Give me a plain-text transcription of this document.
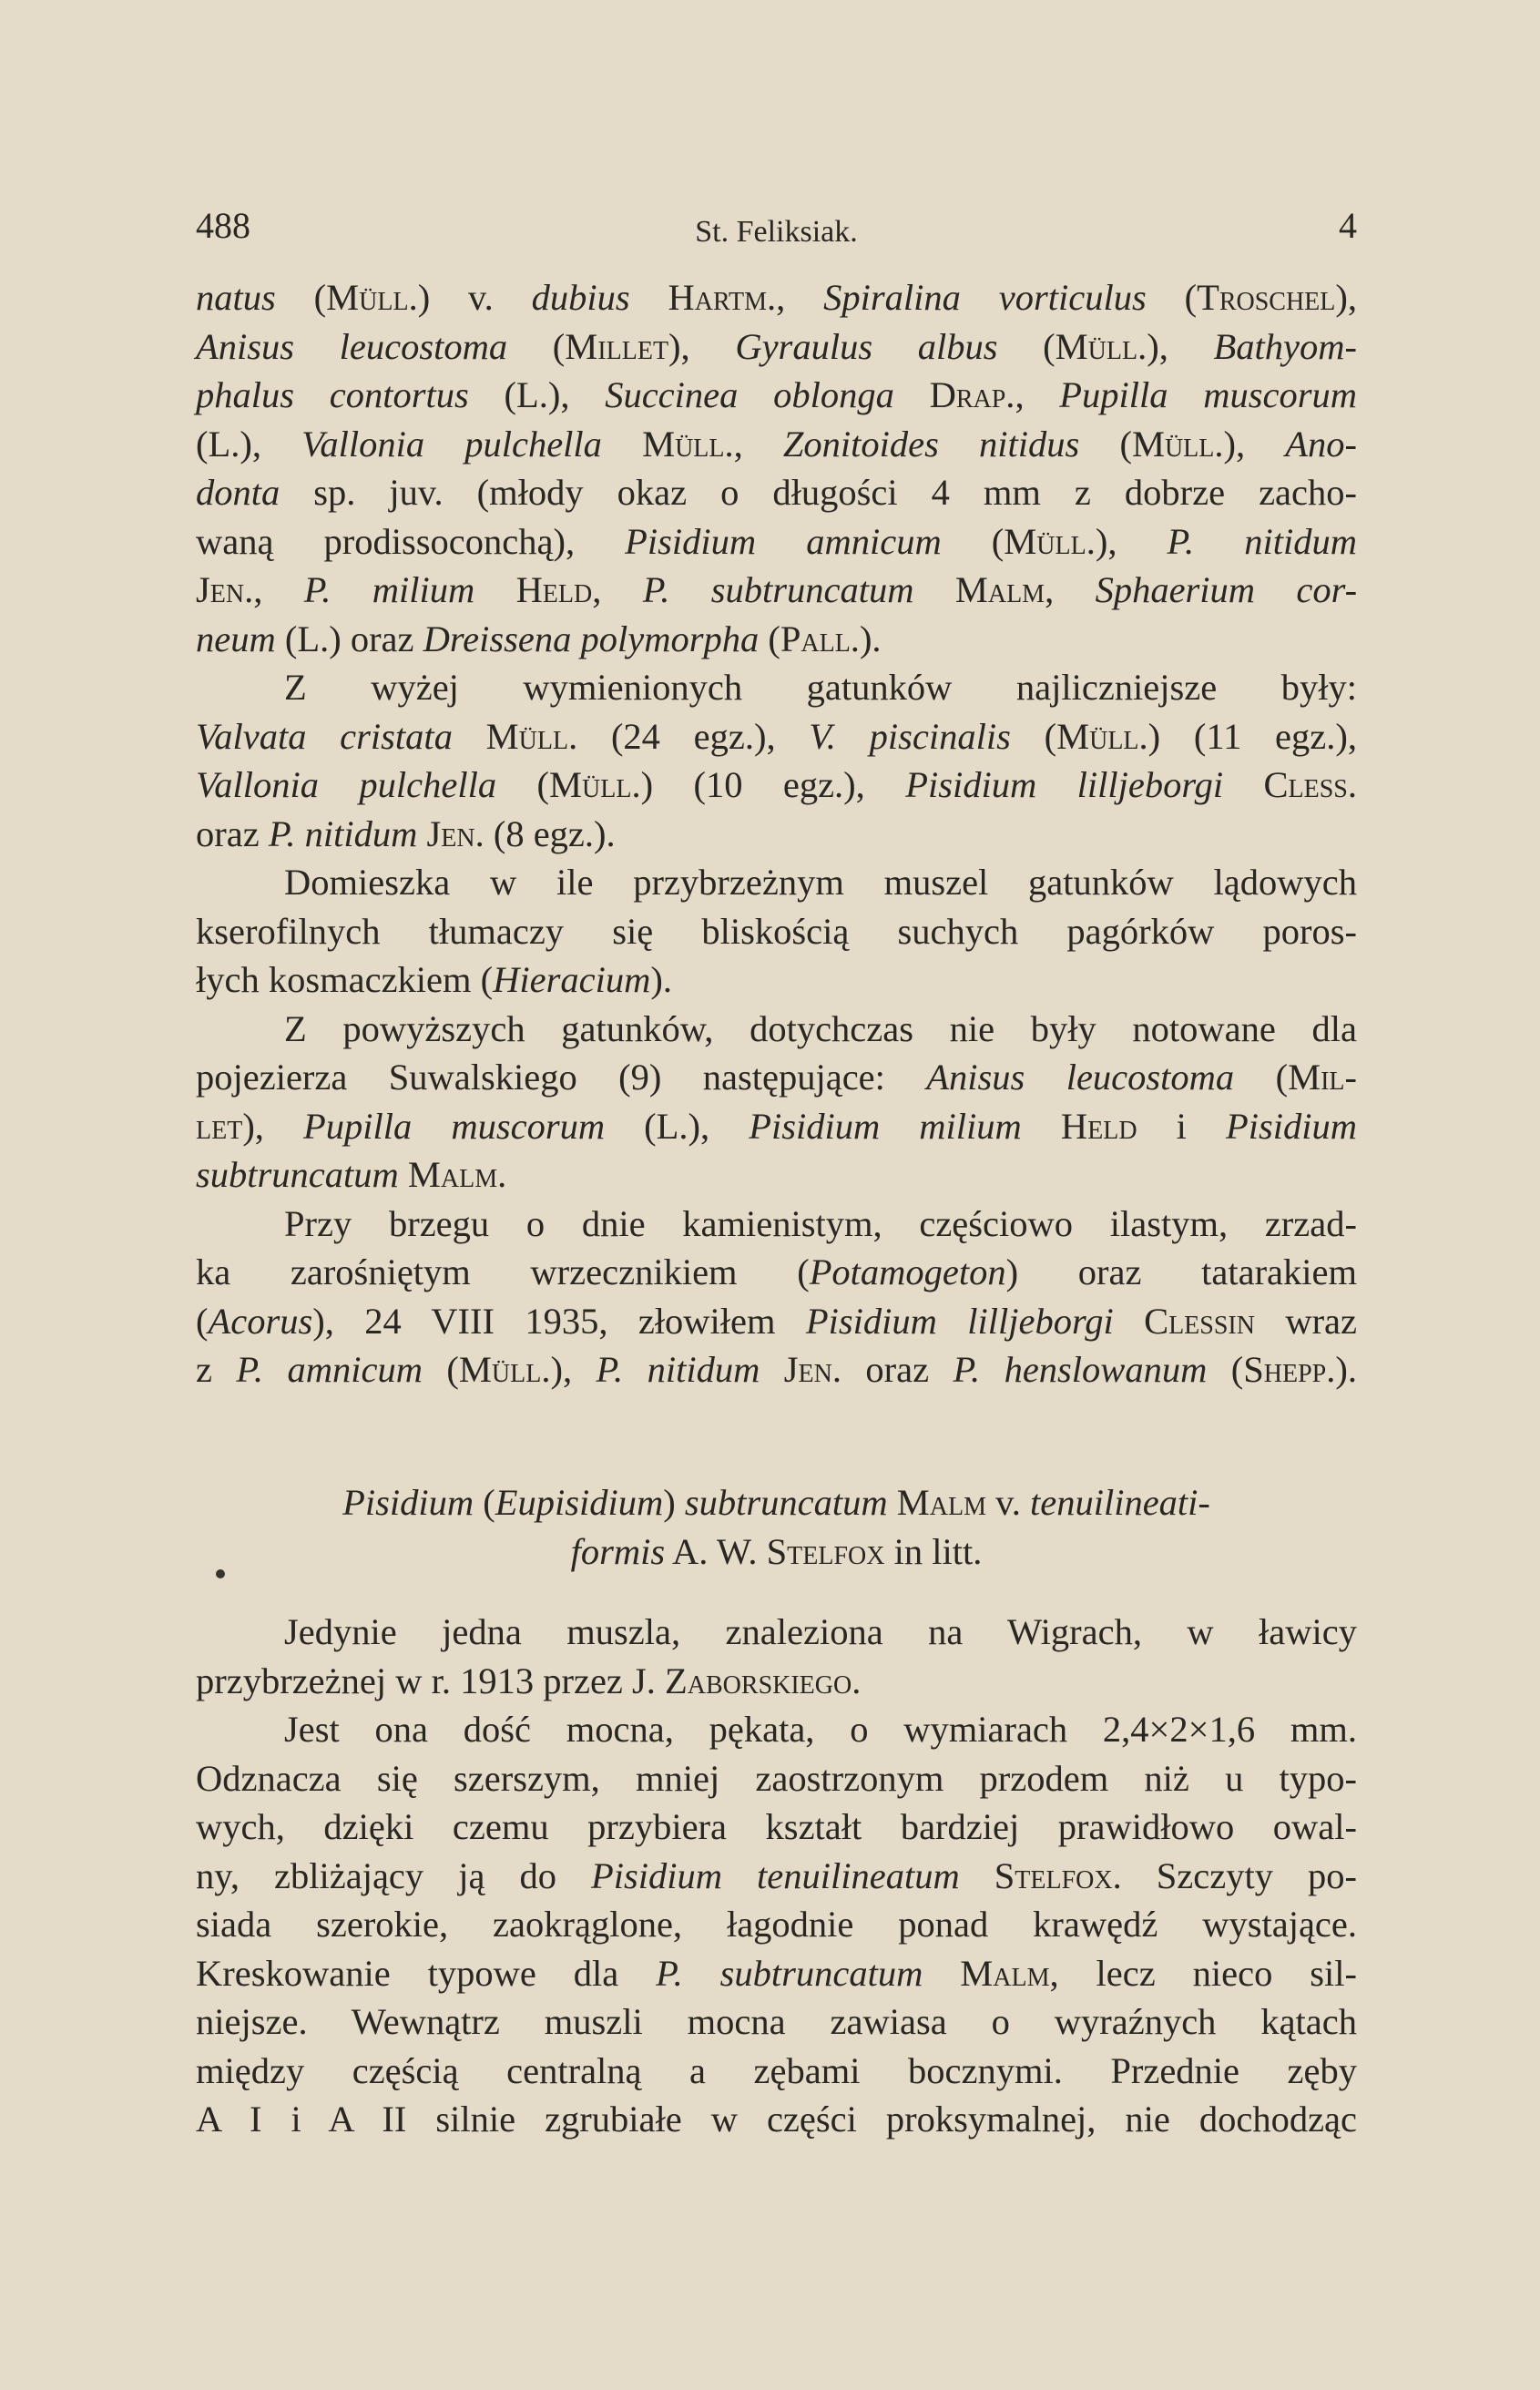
488	St. Feliksiak.	4
natus (Müll.) v. dubius Hartm., Spiralina vorticulus (Troschel),
Anisus leucostoma (Millet), Gyraulus albus (Müll.), Bathyom-
phalus contortus (L.), Succinea oblonga Drap., Pupilla muscorum
(L.), Vallonia pulchella Müll., Zonitoides nitidus (Müll.), Ano-
donta sp. juv. (młody okaz o długości 4 mm z dobrze zacho-
waną prodissoconchą), Pisidium amnicum (Müll.), P. nitidum
Jen., P. milium Held, P. subtruncatum Malm, Sphaerium cor-
neum (L.) oraz Dreissena polymorpha (Pall.).
Z wyżej wymienionych gatunków najliczniejsze były:
Valvata cristata Müll. (24 egz.), V. piscinalis (Müll.) (11 egz.),
Vallonia pulchella (Müll.) (10 egz.), Pisidium lilljeborgi Cless.
oraz P. nitidum Jen. (8 egz.).
Domieszka w ile przybrzeżnym muszel gatunków lądowych
kserofilnych tłumaczy się bliskością suchych pagórków poros-
łych kosmaczkiem (Hieracium).
Z powyższych gatunków, dotychczas nie były notowane dla
pojezierza Suwalskiego (9) następujące: Anisus leucostoma (Mil-
let), Pupilla muscorum (L.), Pisidium milium Held i Pisidium
subtruncatum Malm.
Przy brzegu o dnie kamienistym, częściowo ilastym, zrzad-
ka zarośniętym wrzecznikiem (Potamogeton) oraz tatarakiem
(Acorus), 24 VIII 1935, złowiłem Pisidium lilljeborgi Clessin wraz
z P. amnicum (Müll.), P. nitidum Jen. oraz P. henslowanum (Shepp.).
Pisidium (Eupisidium) subtruncatum Malm v. tenuilineati-
formis A. W. Stelfox in litt.
Jedynie jedna muszla, znaleziona na Wigrach, w ławicy
przybrzeżnej w r. 1913 przez J. Zaborskiego.
Jest ona dość mocna, pękata, o wymiarach 2,4×2×1,6 mm.
Odznacza się szerszym, mniej zaostrzonym przodem niż u typo-
wych, dzięki czemu przybiera kształt bardziej prawidłowo owal-
ny, zbliżający ją do Pisidium tenuilineatum Stelfox. Szczyty po-
siada szerokie, zaokrąglone, łagodnie ponad krawędź wystające.
Kreskowanie typowe dla P. subtruncatum Malm, lecz nieco sil-
niejsze. Wewnątrz muszli mocna zawiasa o wyraźnych kątach
między częścią centralną a zębami bocznymi. Przednie zęby
A I i A II silnie zgrubiałe w części proksymalnej, nie dochodząc
